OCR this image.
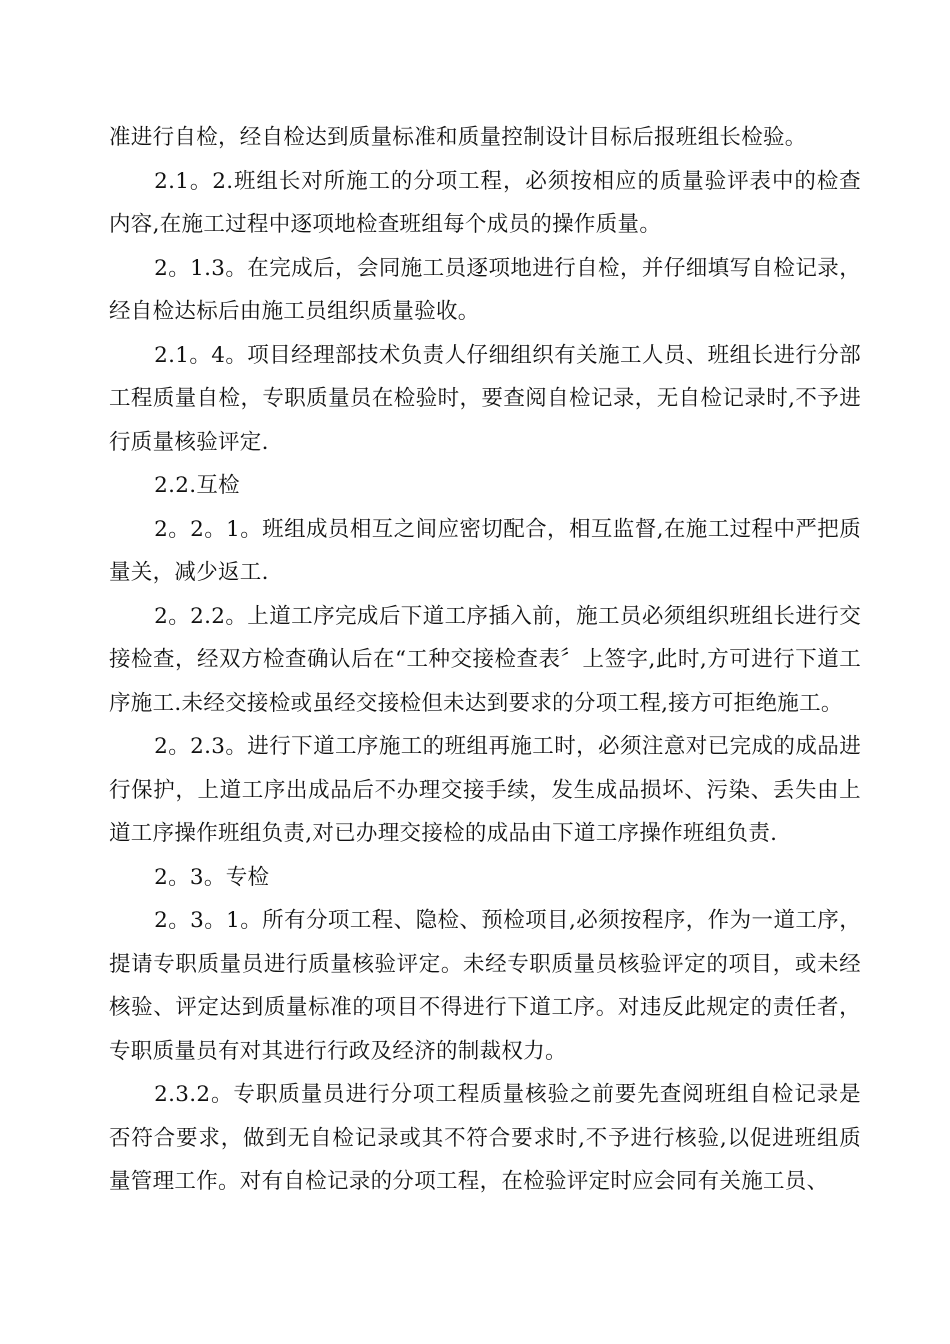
准进行自检，经自检达到质量标准和质量控制设计目标后报班组长检验。

2.1。2.班组长对所施工的分项工程，必须按相应的质量验评表中的检查内容,在施工过程中逐项地检查班组每个成员的操作质量。

2。1.3。在完成后，会同施工员逐项地进行自检，并仔细填写自检记录，经自检达标后由施工员组织质量验收。

2.1。4。项目经理部技术负责人仔细组织有关施工人员、班组长进行分部工程质量自检，专职质量员在检验时，要查阅自检记录，无自检记录时,不予进行质量核验评定.

2.2.互检

2。2。1。班组成员相互之间应密切配合，相互监督,在施工过程中严把质量关，减少返工.

2。2.2。上道工序完成后下道工序插入前，施工员必须组织班组长进行交接检查，经双方检查确认后在“工种交接检查表〞上签字,此时,方可进行下道工序施工.未经交接检或虽经交接检但未达到要求的分项工程,接方可拒绝施工。

2。2.3。进行下道工序施工的班组再施工时，必须注意对已完成的成品进行保护，上道工序出成品后不办理交接手续，发生成品损坏、污染、丢失由上道工序操作班组负责,对已办理交接检的成品由下道工序操作班组负责.

2。3。专检

2。3。1。所有分项工程、隐检、预检项目,必须按程序，作为一道工序，提请专职质量员进行质量核验评定。未经专职质量员核验评定的项目，或未经核验、评定达到质量标准的项目不得进行下道工序。对违反此规定的责任者，专职质量员有对其进行行政及经济的制裁权力。

2.3.2。专职质量员进行分项工程质量核验之前要先查阅班组自检记录是否符合要求，做到无自检记录或其不符合要求时,不予进行核验,以促进班组质量管理工作。对有自检记录的分项工程，在检验评定时应会同有关施工员、
